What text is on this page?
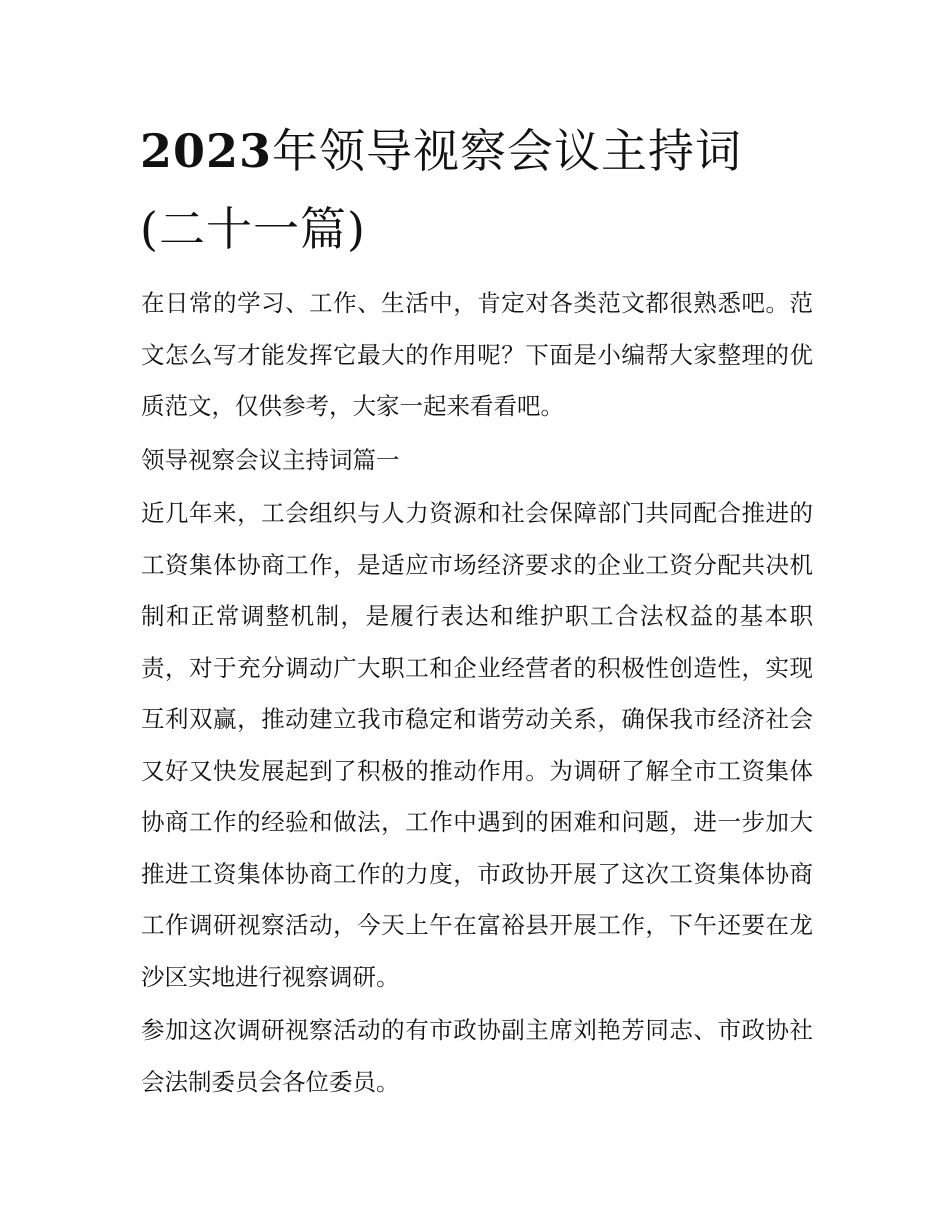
2023年领导视察会议主持词
(二十一篇)

在日常的学习、工作、生活中，肯定对各类范文都很熟悉吧。范文怎么写才能发挥它最大的作用呢？下面是小编帮大家整理的优质范文，仅供参考，大家一起来看看吧。

领导视察会议主持词篇一

近几年来，工会组织与人力资源和社会保障部门共同配合推进的工资集体协商工作，是适应市场经济要求的企业工资分配共决机制和正常调整机制，是履行表达和维护职工合法权益的基本职责，对于充分调动广大职工和企业经营者的积极性创造性，实现互利双赢，推动建立我市稳定和谐劳动关系，确保我市经济社会又好又快发展起到了积极的推动作用。为调研了解全市工资集体协商工作的经验和做法，工作中遇到的困难和问题，进一步加大推进工资集体协商工作的力度，市政协开展了这次工资集体协商工作调研视察活动，今天上午在富裕县开展工作，下午还要在龙沙区实地进行视察调研。

参加这次调研视察活动的有市政协副主席刘艳芳同志、市政协社会法制委员会各位委员。
